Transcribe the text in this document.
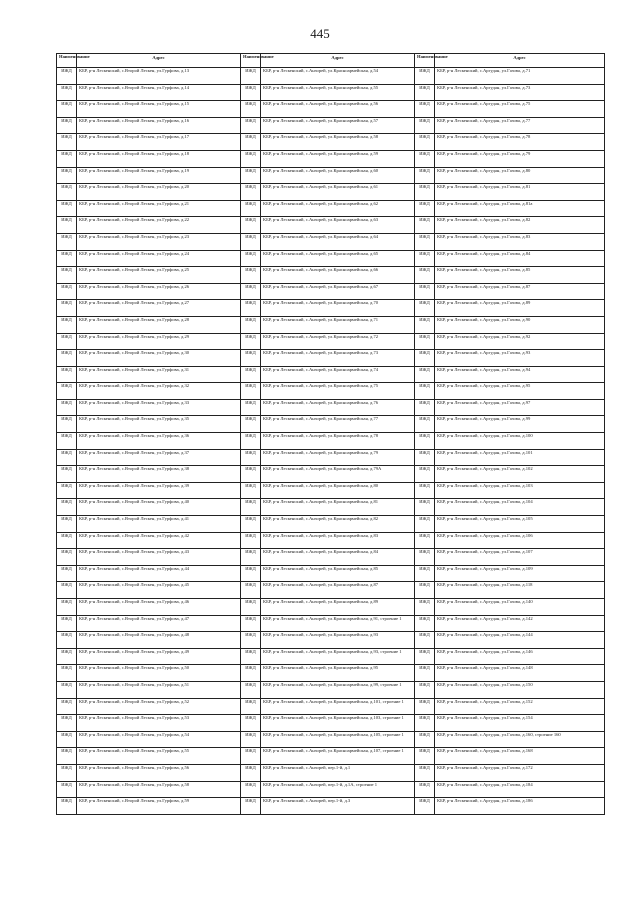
445
Наименование	Адрес	Наименование	Адрес	Наименование	Адрес
ИЖД	КБР, р-н Лескенский, с.Второй Лескен, ул.Гурфова, д.13	ИЖД	КБР, р-н Лескенский, с.Анзорей, ул.Красноармейская, д.54	ИЖД	КБР, р-н Лескенский, с.Аргудан, ул.Газова, д.71
ИЖД	КБР, р-н Лескенский, с.Второй Лескен, ул.Гурфова, д.14	ИЖД	КБР, р-н Лескенский, с.Анзорей, ул.Красноармейская, д.55	ИЖД	КБР, р-н Лескенский, с.Аргудан, ул.Газова, д.73
ИЖД	КБР, р-н Лескенский, с.Второй Лескен, ул.Гурфова, д.15	ИЖД	КБР, р-н Лескенский, с.Анзорей, ул.Красноармейская, д.56	ИЖД	КБР, р-н Лескенский, с.Аргудан, ул.Газова, д.75
ИЖД	КБР, р-н Лескенский, с.Второй Лескен, ул.Гурфова, д.16	ИЖД	КБР, р-н Лескенский, с.Анзорей, ул.Красноармейская, д.57	ИЖД	КБР, р-н Лескенский, с.Аргудан, ул.Газова, д.77
ИЖД	КБР, р-н Лескенский, с.Второй Лескен, ул.Гурфова, д.17	ИЖД	КБР, р-н Лескенский, с.Анзорей, ул.Красноармейская, д.58	ИЖД	КБР, р-н Лескенский, с.Аргудан, ул.Газова, д.78
ИЖД	КБР, р-н Лескенский, с.Второй Лескен, ул.Гурфова, д.18	ИЖД	КБР, р-н Лескенский, с.Анзорей, ул.Красноармейская, д.59	ИЖД	КБР, р-н Лескенский, с.Аргудан, ул.Газова, д.79
ИЖД	КБР, р-н Лескенский, с.Второй Лескен, ул.Гурфова, д.19	ИЖД	КБР, р-н Лескенский, с.Анзорей, ул.Красноармейская, д.60	ИЖД	КБР, р-н Лескенский, с.Аргудан, ул.Газова, д.80
ИЖД	КБР, р-н Лескенский, с.Второй Лескен, ул.Гурфова, д.20	ИЖД	КБР, р-н Лескенский, с.Анзорей, ул.Красноармейская, д.61	ИЖД	КБР, р-н Лескенский, с.Аргудан, ул.Газова, д.81
ИЖД	КБР, р-н Лескенский, с.Второй Лескен, ул.Гурфова, д.21	ИЖД	КБР, р-н Лескенский, с.Анзорей, ул.Красноармейская, д.62	ИЖД	КБР, р-н Лескенский, с.Аргудан, ул.Газова, д.81а
ИЖД	КБР, р-н Лескенский, с.Второй Лескен, ул.Гурфова, д.22	ИЖД	КБР, р-н Лескенский, с.Анзорей, ул.Красноармейская, д.63	ИЖД	КБР, р-н Лескенский, с.Аргудан, ул.Газова, д.82
ИЖД	КБР, р-н Лескенский, с.Второй Лескен, ул.Гурфова, д.23	ИЖД	КБР, р-н Лескенский, с.Анзорей, ул.Красноармейская, д.64	ИЖД	КБР, р-н Лескенский, с.Аргудан, ул.Газова, д.83
ИЖД	КБР, р-н Лескенский, с.Второй Лескен, ул.Гурфова, д.24	ИЖД	КБР, р-н Лескенский, с.Анзорей, ул.Красноармейская, д.65	ИЖД	КБР, р-н Лескенский, с.Аргудан, ул.Газова, д.84
ИЖД	КБР, р-н Лескенский, с.Второй Лескен, ул.Гурфова, д.25	ИЖД	КБР, р-н Лескенский, с.Анзорей, ул.Красноармейская, д.66	ИЖД	КБР, р-н Лескенский, с.Аргудан, ул.Газова, д.85
ИЖД	КБР, р-н Лескенский, с.Второй Лескен, ул.Гурфова, д.26	ИЖД	КБР, р-н Лескенский, с.Анзорей, ул.Красноармейская, д.67	ИЖД	КБР, р-н Лескенский, с.Аргудан, ул.Газова, д.87
ИЖД	КБР, р-н Лескенский, с.Второй Лескен, ул.Гурфова, д.27	ИЖД	КБР, р-н Лескенский, с.Анзорей, ул.Красноармейская, д.70	ИЖД	КБР, р-н Лескенский, с.Аргудан, ул.Газова, д.89
ИЖД	КБР, р-н Лескенский, с.Второй Лескен, ул.Гурфова, д.28	ИЖД	КБР, р-н Лескенский, с.Анзорей, ул.Красноармейская, д.71	ИЖД	КБР, р-н Лескенский, с.Аргудан, ул.Газова, д.90
ИЖД	КБР, р-н Лескенский, с.Второй Лескен, ул.Гурфова, д.29	ИЖД	КБР, р-н Лескенский, с.Анзорей, ул.Красноармейская, д.72	ИЖД	КБР, р-н Лескенский, с.Аргудан, ул.Газова, д.92
ИЖД	КБР, р-н Лескенский, с.Второй Лескен, ул.Гурфова, д.30	ИЖД	КБР, р-н Лескенский, с.Анзорей, ул.Красноармейская, д.73	ИЖД	КБР, р-н Лескенский, с.Аргудан, ул.Газова, д.93
ИЖД	КБР, р-н Лескенский, с.Второй Лескен, ул.Гурфова, д.31	ИЖД	КБР, р-н Лескенский, с.Анзорей, ул.Красноармейская, д.74	ИЖД	КБР, р-н Лескенский, с.Аргудан, ул.Газова, д.94
ИЖД	КБР, р-н Лескенский, с.Второй Лескен, ул.Гурфова, д.32	ИЖД	КБР, р-н Лескенский, с.Анзорей, ул.Красноармейская, д.75	ИЖД	КБР, р-н Лескенский, с.Аргудан, ул.Газова, д.95
ИЖД	КБР, р-н Лескенский, с.Второй Лескен, ул.Гурфова, д.33	ИЖД	КБР, р-н Лескенский, с.Анзорей, ул.Красноармейская, д.76	ИЖД	КБР, р-н Лескенский, с.Аргудан, ул.Газова, д.97
ИЖД	КБР, р-н Лескенский, с.Второй Лескен, ул.Гурфова, д.35	ИЖД	КБР, р-н Лескенский, с.Анзорей, ул.Красноармейская, д.77	ИЖД	КБР, р-н Лескенский, с.Аргудан, ул.Газова, д.99
ИЖД	КБР, р-н Лескенский, с.Второй Лескен, ул.Гурфова, д.36	ИЖД	КБР, р-н Лескенский, с.Анзорей, ул.Красноармейская, д.78	ИЖД	КБР, р-н Лескенский, с.Аргудан, ул.Газова, д.100
ИЖД	КБР, р-н Лескенский, с.Второй Лескен, ул.Гурфова, д.37	ИЖД	КБР, р-н Лескенский, с.Анзорей, ул.Красноармейская, д.79	ИЖД	КБР, р-н Лескенский, с.Аргудан, ул.Газова, д.101
ИЖД	КБР, р-н Лескенский, с.Второй Лескен, ул.Гурфова, д.38	ИЖД	КБР, р-н Лескенский, с.Анзорей, ул.Красноармейская, д.79А	ИЖД	КБР, р-н Лескенский, с.Аргудан, ул.Газова, д.102
ИЖД	КБР, р-н Лескенский, с.Второй Лескен, ул.Гурфова, д.39	ИЖД	КБР, р-н Лескенский, с.Анзорей, ул.Красноармейская, д.80	ИЖД	КБР, р-н Лескенский, с.Аргудан, ул.Газова, д.103
ИЖД	КБР, р-н Лескенский, с.Второй Лескен, ул.Гурфова, д.40	ИЖД	КБР, р-н Лескенский, с.Анзорей, ул.Красноармейская, д.81	ИЖД	КБР, р-н Лескенский, с.Аргудан, ул.Газова, д.104
ИЖД	КБР, р-н Лескенский, с.Второй Лескен, ул.Гурфова, д.41	ИЖД	КБР, р-н Лескенский, с.Анзорей, ул.Красноармейская, д.82	ИЖД	КБР, р-н Лескенский, с.Аргудан, ул.Газова, д.105
ИЖД	КБР, р-н Лескенский, с.Второй Лескен, ул.Гурфова, д.42	ИЖД	КБР, р-н Лескенский, с.Анзорей, ул.Красноармейская, д.83	ИЖД	КБР, р-н Лескенский, с.Аргудан, ул.Газова, д.106
ИЖД	КБР, р-н Лескенский, с.Второй Лескен, ул.Гурфова, д.43	ИЖД	КБР, р-н Лескенский, с.Анзорей, ул.Красноармейская, д.84	ИЖД	КБР, р-н Лескенский, с.Аргудан, ул.Газова, д.107
ИЖД	КБР, р-н Лескенский, с.Второй Лескен, ул.Гурфова, д.44	ИЖД	КБР, р-н Лескенский, с.Анзорей, ул.Красноармейская, д.85	ИЖД	КБР, р-н Лескенский, с.Аргудан, ул.Газова, д.109
ИЖД	КБР, р-н Лескенский, с.Второй Лескен, ул.Гурфова, д.45	ИЖД	КБР, р-н Лескенский, с.Анзорей, ул.Красноармейская, д.87	ИЖД	КБР, р-н Лескенский, с.Аргудан, ул.Газова, д.118
ИЖД	КБР, р-н Лескенский, с.Второй Лескен, ул.Гурфова, д.46	ИЖД	КБР, р-н Лескенский, с.Анзорей, ул.Красноармейская, д.89	ИЖД	КБР, р-н Лескенский, с.Аргудан, ул.Газова, д.140
ИЖД	КБР, р-н Лескенский, с.Второй Лескен, ул.Гурфова, д.47	ИЖД	КБР, р-н Лескенский, с.Анзорей, ул.Красноармейская, д.91, строение 1	ИЖД	КБР, р-н Лескенский, с.Аргудан, ул.Газова, д.142
ИЖД	КБР, р-н Лескенский, с.Второй Лескен, ул.Гурфова, д.48	ИЖД	КБР, р-н Лескенский, с.Анзорей, ул.Красноармейская, д.93	ИЖД	КБР, р-н Лескенский, с.Аргудан, ул.Газова, д.144
ИЖД	КБР, р-н Лескенский, с.Второй Лескен, ул.Гурфова, д.49	ИЖД	КБР, р-н Лескенский, с.Анзорей, ул.Красноармейская, д.93, строение 1	ИЖД	КБР, р-н Лескенский, с.Аргудан, ул.Газова, д.146
ИЖД	КБР, р-н Лескенский, с.Второй Лескен, ул.Гурфова, д.50	ИЖД	КБР, р-н Лескенский, с.Анзорей, ул.Красноармейская, д.95	ИЖД	КБР, р-н Лескенский, с.Аргудан, ул.Газова, д.148
ИЖД	КБР, р-н Лескенский, с.Второй Лескен, ул.Гурфова, д.51	ИЖД	КБР, р-н Лескенский, с.Анзорей, ул.Красноармейская, д.99, строение 1	ИЖД	КБР, р-н Лескенский, с.Аргудан, ул.Газова, д.150
ИЖД	КБР, р-н Лескенский, с.Второй Лескен, ул.Гурфова, д.52	ИЖД	КБР, р-н Лескенский, с.Анзорей, ул.Красноармейская, д.101, строение 1	ИЖД	КБР, р-н Лескенский, с.Аргудан, ул.Газова, д.152
ИЖД	КБР, р-н Лескенский, с.Второй Лескен, ул.Гурфова, д.53	ИЖД	КБР, р-н Лескенский, с.Анзорей, ул.Красноармейская, д.103, строение 1	ИЖД	КБР, р-н Лескенский, с.Аргудан, ул.Газова, д.154
ИЖД	КБР, р-н Лескенский, с.Второй Лескен, ул.Гурфова, д.54	ИЖД	КБР, р-н Лескенский, с.Анзорей, ул.Красноармейская, д.105, строение 1	ИЖД	КБР, р-н Лескенский, с.Аргудан, ул.Газова, д.160, строение 160
ИЖД	КБР, р-н Лескенский, с.Второй Лескен, ул.Гурфова, д.55	ИЖД	КБР, р-н Лескенский, с.Анзорей, ул.Красноармейская, д.107, строение 1	ИЖД	КБР, р-н Лескенский, с.Аргудан, ул.Газова, д.168
ИЖД	КБР, р-н Лескенский, с.Второй Лескен, ул.Гурфова, д.56	ИЖД	КБР, р-н Лескенский, с.Анзорей, пер.1-й, д.1	ИЖД	КБР, р-н Лескенский, с.Аргудан, ул.Газова, д.172
ИЖД	КБР, р-н Лескенский, с.Второй Лескен, ул.Гурфова, д.58	ИЖД	КБР, р-н Лескенский, с.Анзорей, пер.1-й, д.1А, строение 1	ИЖД	КБР, р-н Лескенский, с.Аргудан, ул.Газова, д.184
ИЖД	КБР, р-н Лескенский, с.Второй Лескен, ул.Гурфова, д.59	ИЖД	КБР, р-н Лескенский, с.Анзорей, пер.1-й, д.3	ИЖД	КБР, р-н Лескенский, с.Аргудан, ул.Газова, д.186
